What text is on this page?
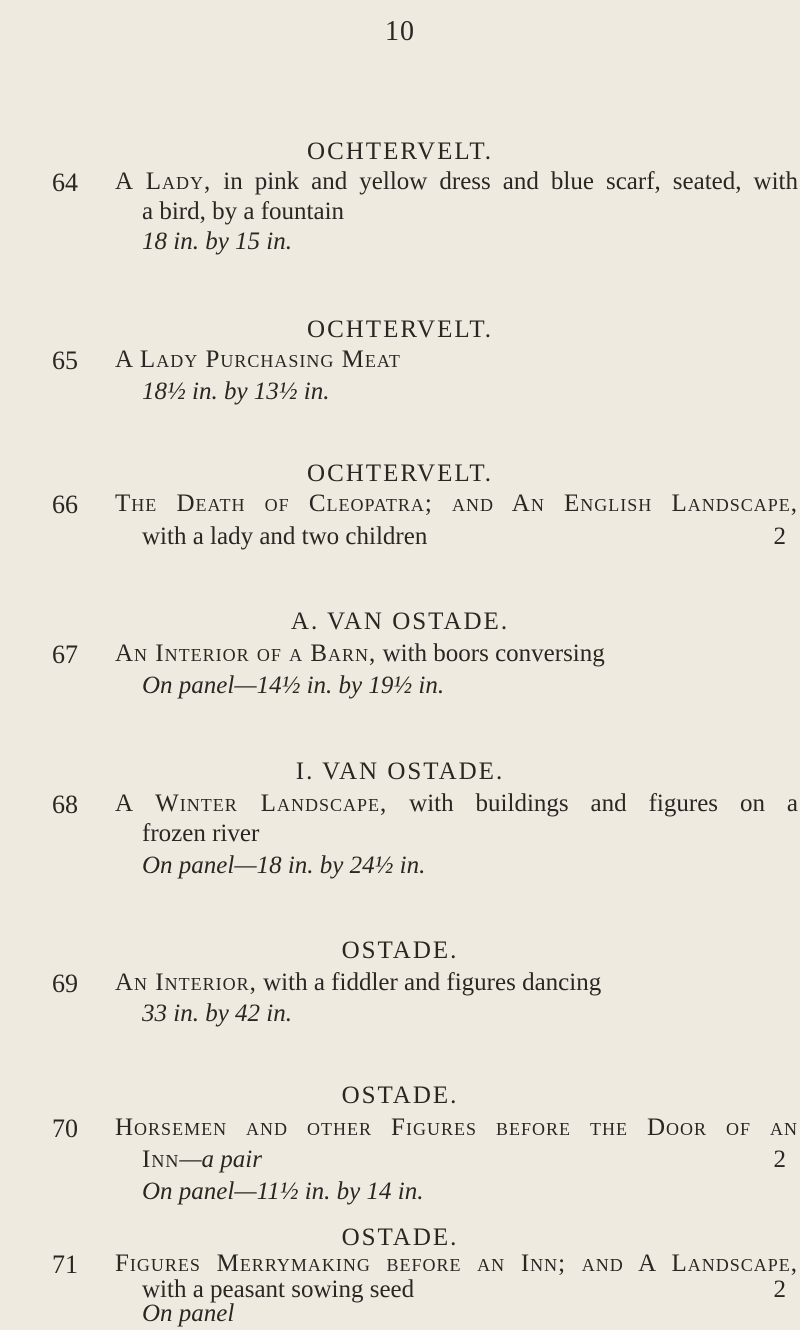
10
OCHTERVELT.
64 A Lady, in pink and yellow dress and blue scarf, seated, with
a bird, by a fountain
18 in. by 15 in.
OCHTERVELT.
65 A Lady Purchasing Meat
18½ in. by 13½ in.
OCHTERVELT.
66 The Death of Cleopatra; and An English Landscape,
with a lady and two children	2
A. VAN OSTADE.
67 An Interior of a Barn, with boors conversing
On panel—14½ in. by 19½ in.
I. VAN OSTADE.
68 A Winter Landscape, with buildings and figures on a
frozen river
On panel—18 in. by 24½ in.
OSTADE.
69 An Interior, with a fiddler and figures dancing
33 in. by 42 in.
OSTADE.
70 Horsemen and other Figures before the Door of an
Inn—a pair	2
On panel—11½ in. by 14 in.
OSTADE.
71 Figures Merrymaking before an Inn; and A Landscape,
with a peasant sowing seed	2
On panel
